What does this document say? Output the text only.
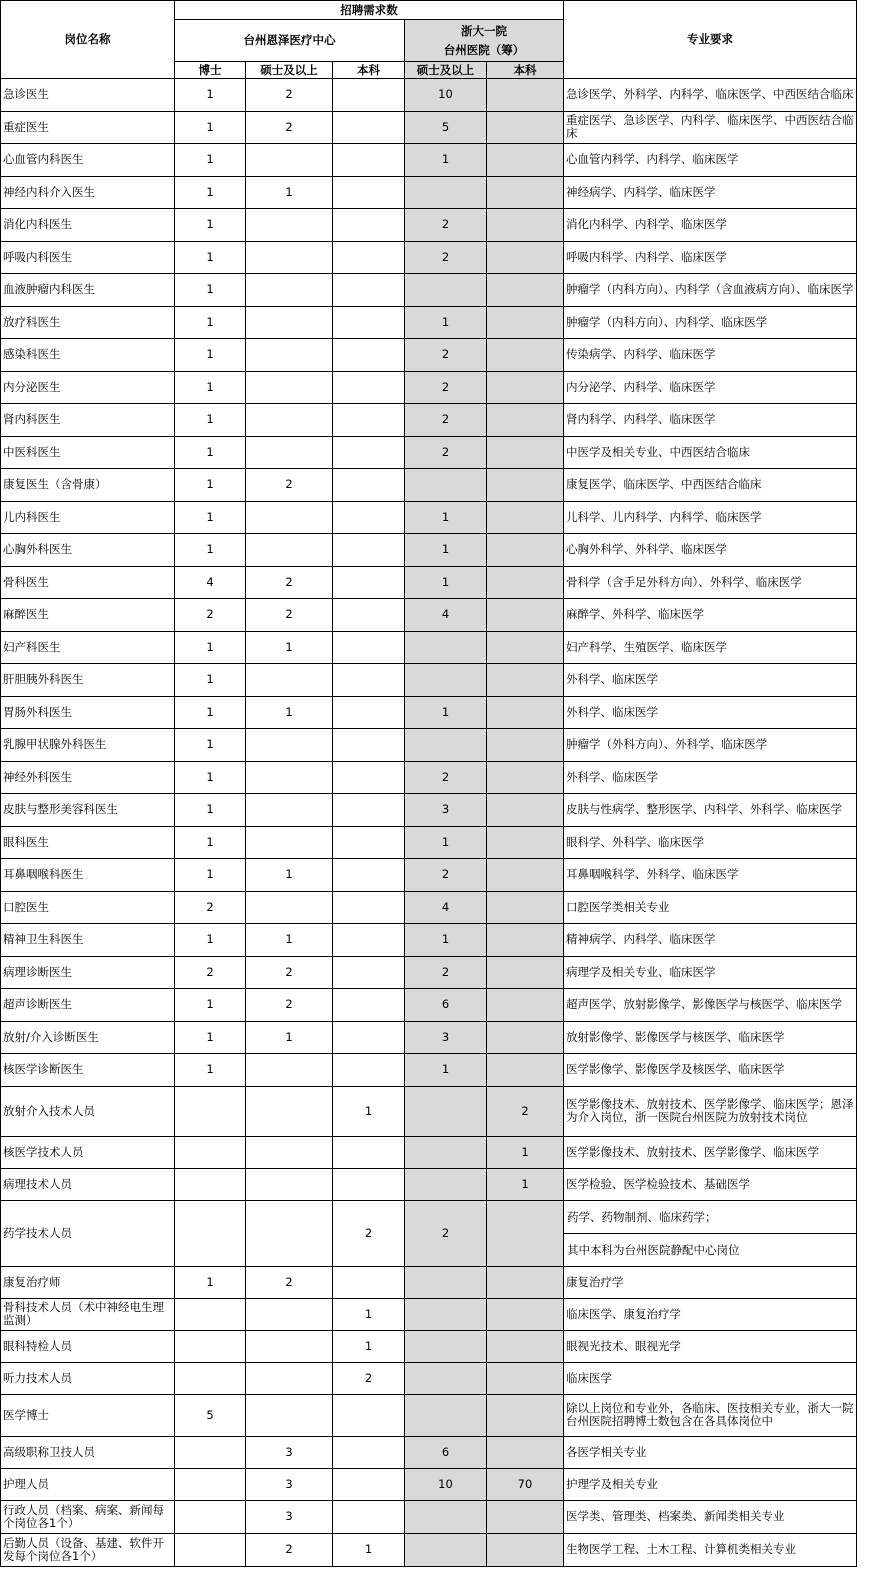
岗位名称	招聘需求数					专业要求
	台州恩泽医疗中心			浙大一院
台州医院（筹）		

	博士	硕士及以上	本科	硕士及以上	本科	
急诊医生	1	2		10		急诊医学、外科学、内科学、临床医学、中西医结合临床
重症医生	1	2		5		重症医学、急诊医学、内科学、临床医学、中西医结合临床
心血管内科医生	1			1		心血管内科学、内科学、临床医学
神经内科介入医生	1	1				神经病学、内科学、临床医学
消化内科医生	1			2		消化内科学、内科学、临床医学
呼吸内科医生	1			2		呼吸内科学、内科学、临床医学
血液肿瘤内科医生	1					肿瘤学（内科方向）、内科学（含血液病方向）、临床医学
放疗科医生	1			1		肿瘤学（内科方向）、内科学、临床医学
感染科医生	1			2		传染病学、内科学、临床医学
内分泌医生	1			2		内分泌学、内科学、临床医学
肾内科医生	1			2		肾内科学、内科学、临床医学
中医科医生	1			2		中医学及相关专业、中西医结合临床
康复医生（含骨康）	1	2				康复医学、临床医学、中西医结合临床
儿内科医生	1			1		儿科学、儿内科学、内科学、临床医学
心胸外科医生	1			1		心胸外科学、外科学、临床医学
骨科医生	4	2		1		骨科学（含手足外科方向）、外科学、临床医学
麻醉医生	2	2		4		麻醉学、外科学、临床医学
妇产科医生	1	1				妇产科学、生殖医学、临床医学
肝胆胰外科医生	1					外科学、临床医学
胃肠外科医生	1	1		1		外科学、临床医学
乳腺甲状腺外科医生	1					肿瘤学（外科方向）、外科学、临床医学
神经外科医生	1			2		外科学、临床医学
皮肤与整形美容科医生	1			3		皮肤与性病学、整形医学、内科学、外科学、临床医学
眼科医生	1			1		眼科学、外科学、临床医学
耳鼻咽喉科医生	1	1		2		耳鼻咽喉科学、外科学、临床医学
口腔医生	2			4		口腔医学类相关专业
精神卫生科医生	1	1		1		精神病学、内科学、临床医学
病理诊断医生	2	2		2		病理学及相关专业、临床医学
超声诊断医生	1	2		6		超声医学、放射影像学、影像医学与核医学、临床医学
放射/介入诊断医生	1	1		3		放射影像学、影像医学与核医学、临床医学
核医学诊断医生	1			1		医学影像学、影像医学及核医学、临床医学
放射介入技术人员			1		2	医学影像技术、放射技术、医学影像学、临床医学；恩泽为介入岗位，浙一医院台州医院为放射技术岗位
核医学技术人员					1	医学影像技术、放射技术、医学影像学、临床医学
病理技术人员					1	医学检验、医学检验技术、基础医学
药学技术人员			2	2		药学、药物制剂、临床药学；
其中本科为台州医院静配中心岗位

康复治疗师	1	2				康复治疗学
骨科技术人员（术中神经电生理监测）			1			临床医学、康复治疗学
眼科特检人员			1			眼视光技术、眼视光学
听力技术人员			2			临床医学
医学博士	5					除以上岗位和专业外，各临床、医技相关专业，浙大一院台州医院招聘博士数包含在各具体岗位中
高级职称卫技人员		3		6		各医学相关专业
护理人员		3		10	70	护理学及相关专业
行政人员（档案、病案、新闻每个岗位各1个）		3				医学类、管理类、档案类、新闻类相关专业
后勤人员（设备、基建、软件开发每个岗位各1个）		2	1			生物医学工程、土木工程、计算机类相关专业
